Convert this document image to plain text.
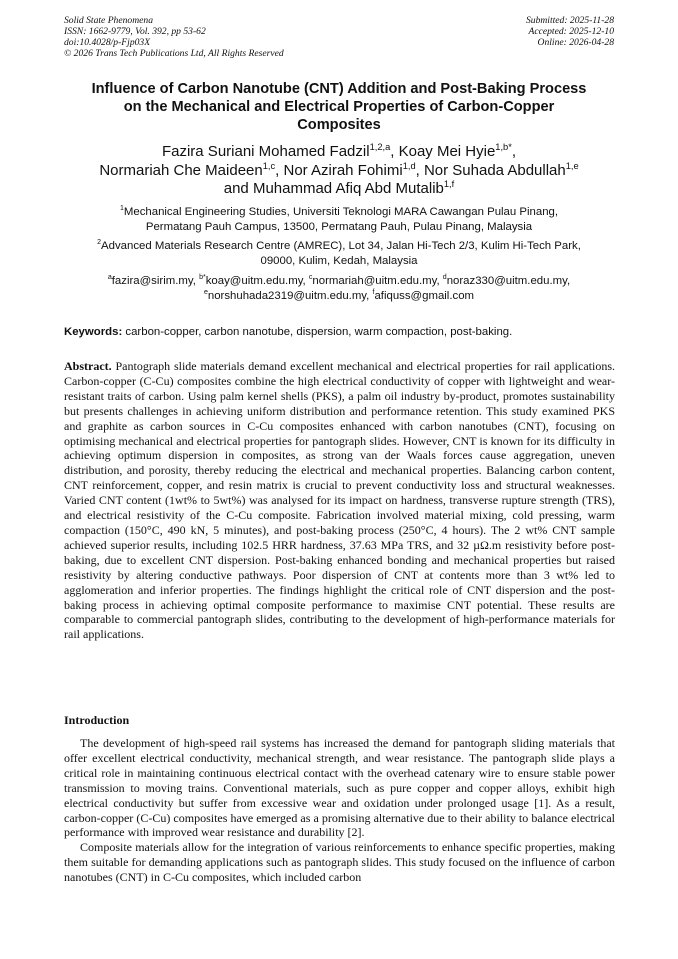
Solid State Phenomena
ISSN: 1662-9779, Vol. 392, pp 53-62
doi:10.4028/p-Fjp03X
© 2026 Trans Tech Publications Ltd, All Rights Reserved
Submitted: 2025-11-28
Accepted: 2025-12-10
Online: 2026-04-28
Influence of Carbon Nanotube (CNT) Addition and Post-Baking Process
on the Mechanical and Electrical Properties of Carbon-Copper
Composites
Fazira Suriani Mohamed Fadzil$^{1,2,a}$, Koay Mei Hyie$^{1,b*}$,
Normariah Che Maideen$^{1,c}$, Nor Azirah Fohimi$^{1,d}$, Nor Suhada Abdullah$^{1,e}$
and Muhammad Afiq Abd Mutalib$^{1,f}$
$^1$Mechanical Engineering Studies, Universiti Teknologi MARA Cawangan Pulau Pinang,
Permatang Pauh Campus, 13500, Permatang Pauh, Pulau Pinang, Malaysia
$^2$Advanced Materials Research Centre (AMREC), Lot 34, Jalan Hi-Tech 2/3, Kulim Hi-Tech Park,
09000, Kulim, Kedah, Malaysia
$^a$fazira@sirim.my, $^{b*}$koay@uitm.edu.my, $^c$normariah@uitm.edu.my, $^d$noraz330@uitm.edu.my,
$^e$norshuhada2319@uitm.edu.my, $^f$afiquss@gmail.com
Keywords: carbon-copper, carbon nanotube, dispersion, warm compaction, post-baking.
Abstract. Pantograph slide materials demand excellent mechanical and electrical properties for rail applications. Carbon-copper (C-Cu) composites combine the high electrical conductivity of copper with lightweight and wear-resistant traits of carbon. Using palm kernel shells (PKS), a palm oil industry by-product, promotes sustainability but presents challenges in achieving uniform distribution and performance retention. This study examined PKS and graphite as carbon sources in C-Cu composites enhanced with carbon nanotubes (CNT), focusing on optimising mechanical and electrical properties for pantograph slides. However, CNT is known for its difficulty in achieving optimum dispersion in composites, as strong van der Waals forces cause aggregation, uneven distribution, and porosity, thereby reducing the electrical and mechanical properties. Balancing carbon content, CNT reinforcement, copper, and resin matrix is crucial to prevent conductivity loss and structural weaknesses. Varied CNT content (1wt% to 5wt%) was analysed for its impact on hardness, transverse rupture strength (TRS), and electrical resistivity of the C-Cu composite. Fabrication involved material mixing, cold pressing, warm compaction (150°C, 490 kN, 5 minutes), and post-baking process (250°C, 4 hours). The 2 wt% CNT sample achieved superior results, including 102.5 HRR hardness, 37.63 MPa TRS, and 32 µΩ.m resistivity before post-baking, due to excellent CNT dispersion. Post-baking enhanced bonding and mechanical properties but raised resistivity by altering conductive pathways. Poor dispersion of CNT at contents more than 3 wt% led to agglomeration and inferior properties. The findings highlight the critical role of CNT dispersion and the post-baking process in achieving optimal composite performance to maximise CNT potential. These results are comparable to commercial pantograph slides, contributing to the development of high-performance materials for rail applications.
Introduction

The development of high-speed rail systems has increased the demand for pantograph sliding materials that offer excellent electrical conductivity, mechanical strength, and wear resistance. The pantograph slide plays a critical role in maintaining continuous electrical contact with the overhead catenary wire to ensure stable power transmission to moving trains. Conventional materials, such as pure copper and copper alloys, exhibit high electrical conductivity but suffer from excessive wear and oxidation under prolonged usage [1]. As a result, carbon-copper (C-Cu) composites have emerged as a promising alternative due to their ability to balance electrical performance with improved wear resistance and durability [2].

Composite materials allow for the integration of various reinforcements to enhance specific properties, making them suitable for demanding applications such as pantograph slides. This study focused on the influence of carbon nanotubes (CNT) in C-Cu composites, which included carbon
